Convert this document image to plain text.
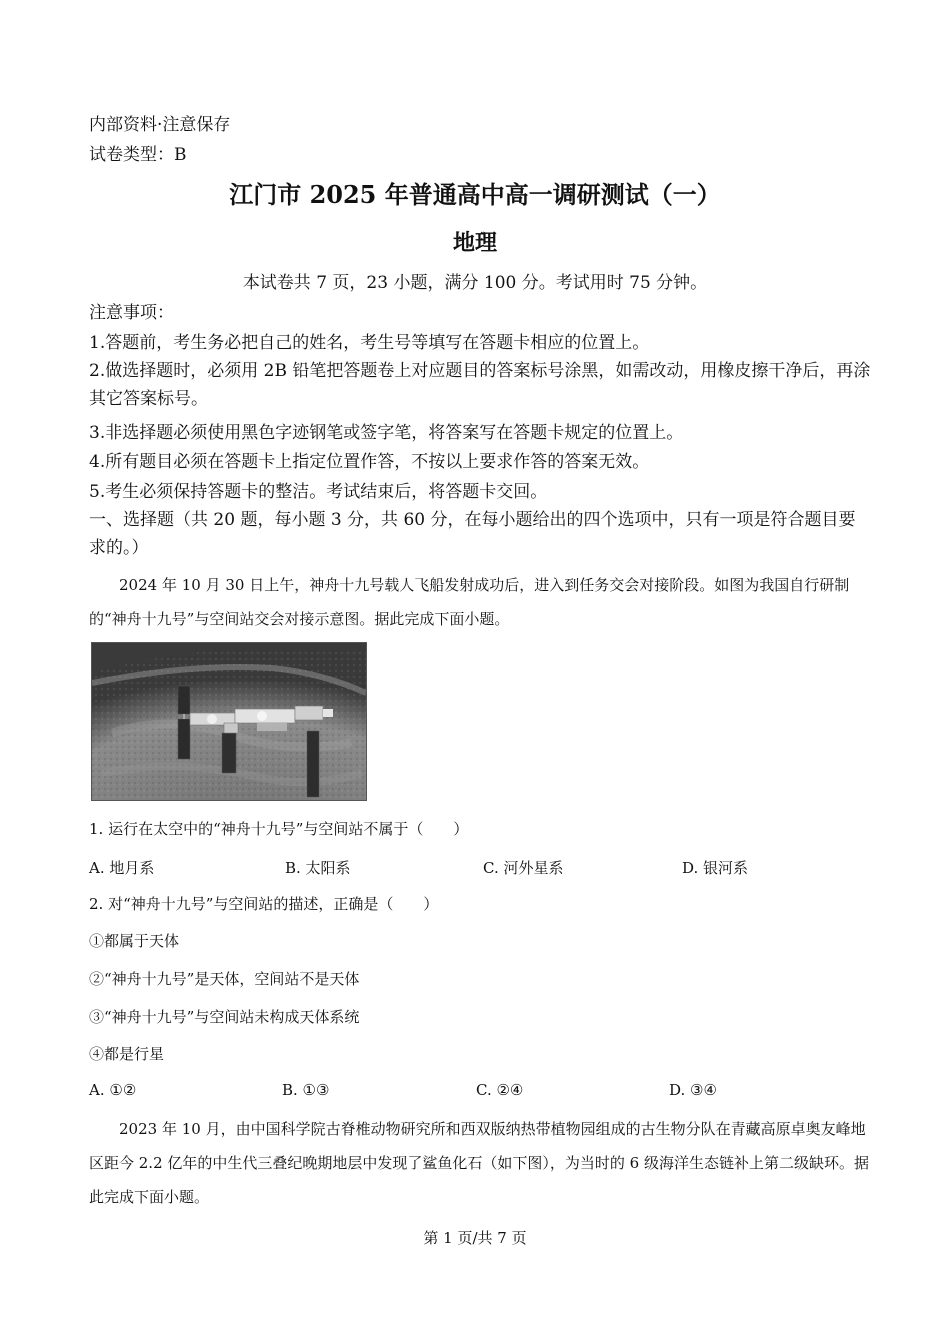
内部资料·注意保存
试卷类型：B
江门市 2025 年普通高中高一调研测试（一）
地理
本试卷共 7 页，23 小题，满分 100 分。考试用时 75 分钟。
注意事项：
1.答题前，考生务必把自己的姓名，考生号等填写在答题卡相应的位置上。
2.做选择题时，必须用 2B 铅笔把答题卷上对应题目的答案标号涂黑，如需改动，用橡皮擦干净后，再涂其它答案标号。
3.非选择题必须使用黑色字迹钢笔或签字笔，将答案写在答题卡规定的位置上。
4.所有题目必须在答题卡上指定位置作答，不按以上要求作答的答案无效。
5.考生必须保持答题卡的整洁。考试结束后，将答题卡交回。
一、选择题（共 20 题，每小题 3 分，共 60 分，在每小题给出的四个选项中，只有一项是符合题目要求的。）
2024 年 10 月 30 日上午，神舟十九号载人飞船发射成功后，进入到任务交会对接阶段。如图为我国自行研制的“神舟十九号”与空间站交会对接示意图。据此完成下面小题。
1. 运行在太空中的“神舟十九号”与空间站不属于（　　）
A. 地月系	B. 太阳系	C. 河外星系	D. 银河系
2. 对“神舟十九号”与空间站的描述，正确是（　　）
①都属于天体
②“神舟十九号”是天体，空间站不是天体
③“神舟十九号”与空间站未构成天体系统
④都是行星
A. ①②	B. ①③	C. ②④	D. ③④
2023 年 10 月，由中国科学院古脊椎动物研究所和西双版纳热带植物园组成的古生物分队在青藏高原卓奥友峰地区距今 2.2 亿年的中生代三叠纪晚期地层中发现了鲨鱼化石（如下图），为当时的 6 级海洋生态链补上第二级缺环。据此完成下面小题。
第 1 页/共 7 页
